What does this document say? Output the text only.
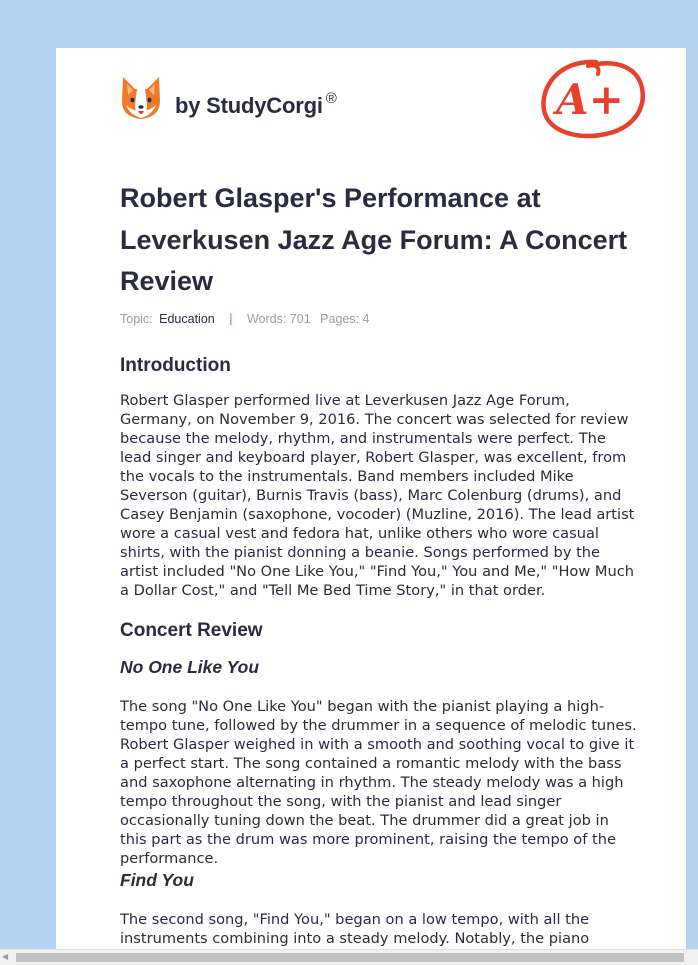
by StudyCorgi ®	A+
Robert Glasper's Performance at Leverkusen Jazz Age Forum: A Concert Review
Topic: Education | Words: 701 Pages: 4
Introduction

Robert Glasper performed live at Leverkusen Jazz Age Forum, Germany, on November 9, 2016. The concert was selected for review because the melody, rhythm, and instrumentals were perfect. The lead singer and keyboard player, Robert Glasper, was excellent, from the vocals to the instrumentals. Band members included Mike Severson (guitar), Burnis Travis (bass), Marc Colenburg (drums), and Casey Benjamin (saxophone, vocoder) (Muzline, 2016). The lead artist wore a casual vest and fedora hat, unlike others who wore casual shirts, with the pianist donning a beanie. Songs performed by the artist included "No One Like You," "Find You," You and Me," "How Much a Dollar Cost," and "Tell Me Bed Time Story," in that order.

Concert Review
No One Like You

The song "No One Like You" began with the pianist playing a high-tempo tune, followed by the drummer in a sequence of melodic tunes. Robert Glasper weighed in with a smooth and soothing vocal to give it a perfect start. The song contained a romantic melody with the bass and saxophone alternating in rhythm. The steady melody was a high tempo throughout the song, with the pianist and lead singer occasionally tuning down the beat. The drummer did a great job in this part as the drum was more prominent, raising the tempo of the performance.

Find You

The second song, "Find You," began on a low tempo, with all the instruments combining into a steady melody. Notably, the piano

◀
